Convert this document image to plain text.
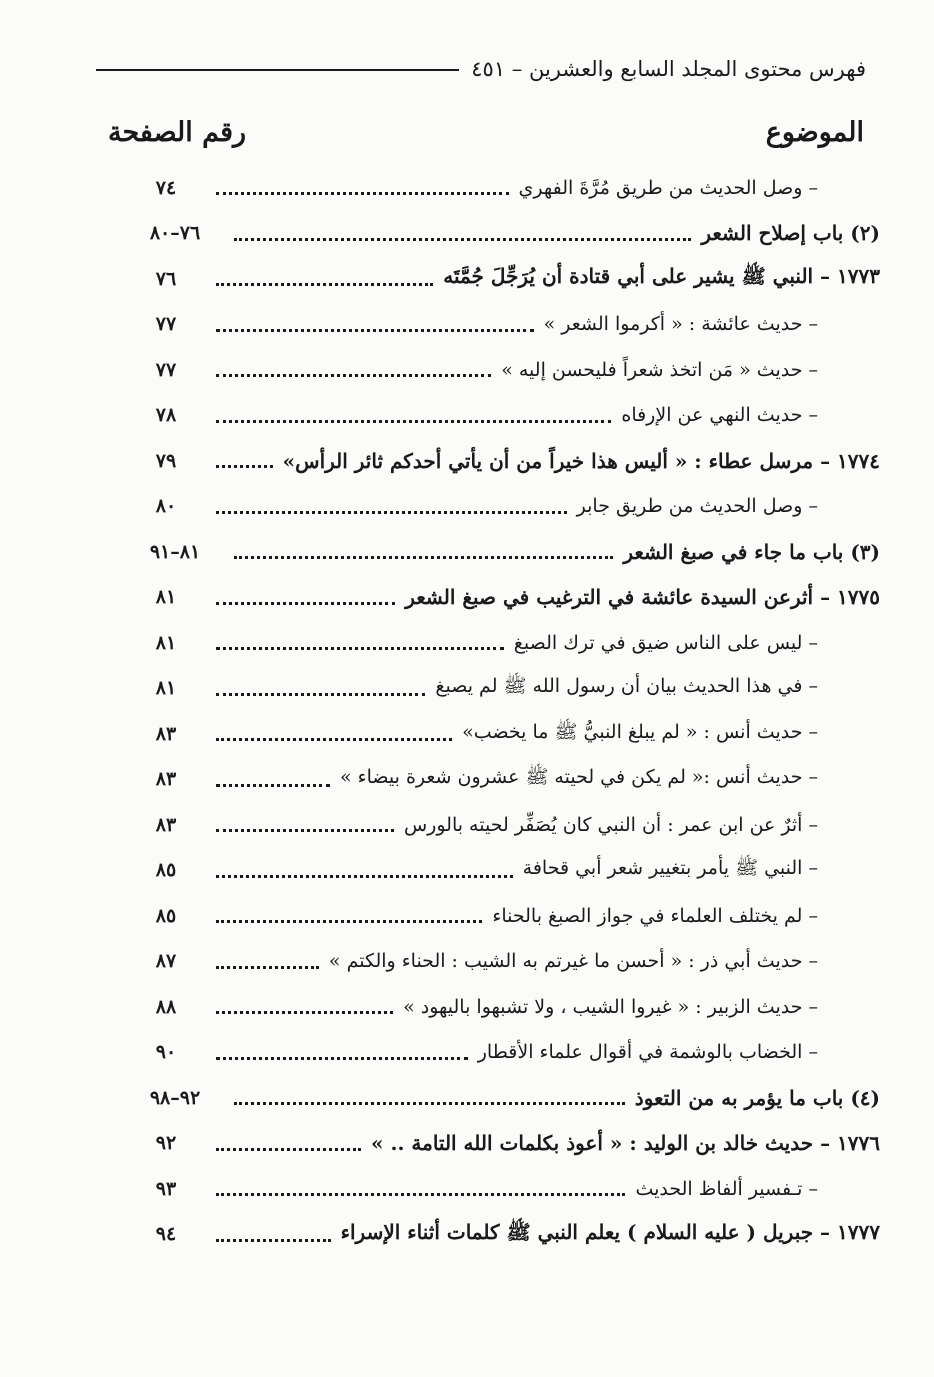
فهرس محتوى المجلد السابع والعشرين – ٤٥١
الموضوع
رقم الصفحة
– وصل الحديث من طريق مُرَّةَ الفهري
٧٤
(٢) باب إصلاح الشعر
٧٦–٨٠
١٧٧٣ – النبي ﷺ يشير على أبي قتادة أن يُرَجِّلَ جُمَّتَه
٧٦
– حديث عائشة : « أكرموا الشعر »
٧٧
– حديث « مَن اتخذ شعراً فليحسن إليه »
٧٧
– حديث النهي عن الإرفاه
٧٨
١٧٧٤ – مرسل عطاء : « أليس هذا خيراً من أن يأتي أحدكم ثائر الرأس»
٧٩
– وصل الحديث من طريق جابر
٨٠
(٣) باب ما جاء في صبغ الشعر
٨١–٩١
١٧٧٥ – أثرعن السيدة عائشة في الترغيب في صبغ الشعر
٨١
– ليس على الناس ضيق في ترك الصبغ
٨١
– في هذا الحديث بيان أن رسول الله ﷺ لم يصبغ
٨١
– حديث أنس : « لم يبلغ النبيُّ ﷺ ما يخضب»
٨٣
– حديث أنس :« لم يكن في لحيته ﷺ عشرون شعرة بيضاء »
٨٣
– أثرٌ عن ابن عمر : أن النبي كان يُصَفِّر لحيته بالورس
٨٣
– النبي ﷺ يأمر بتغيير شعر أبي قحافة
٨٥
– لم يختلف العلماء في جواز الصبغ بالحناء
٨٥
– حديث أبي ذر : « أحسن ما غيرتم به الشيب : الحناء والكتم »
٨٧
– حديث الزبير : « غيروا الشيب ، ولا تشبهوا باليهود »
٨٨
– الخضاب بالوشمة في أقوال علماء الأقطار
٩٠
(٤) باب ما يؤمر به من التعوذ
٩٢–٩٨
١٧٧٦ – حديث خالد بن الوليد : « أعوذ بكلمات الله التامة .. »
٩٢
– تـفسير ألفاظ الحديث
٩٣
١٧٧٧ – جبريل ( عليه السلام ) يعلم النبي ﷺ كلمات أثناء الإسراء
٩٤
